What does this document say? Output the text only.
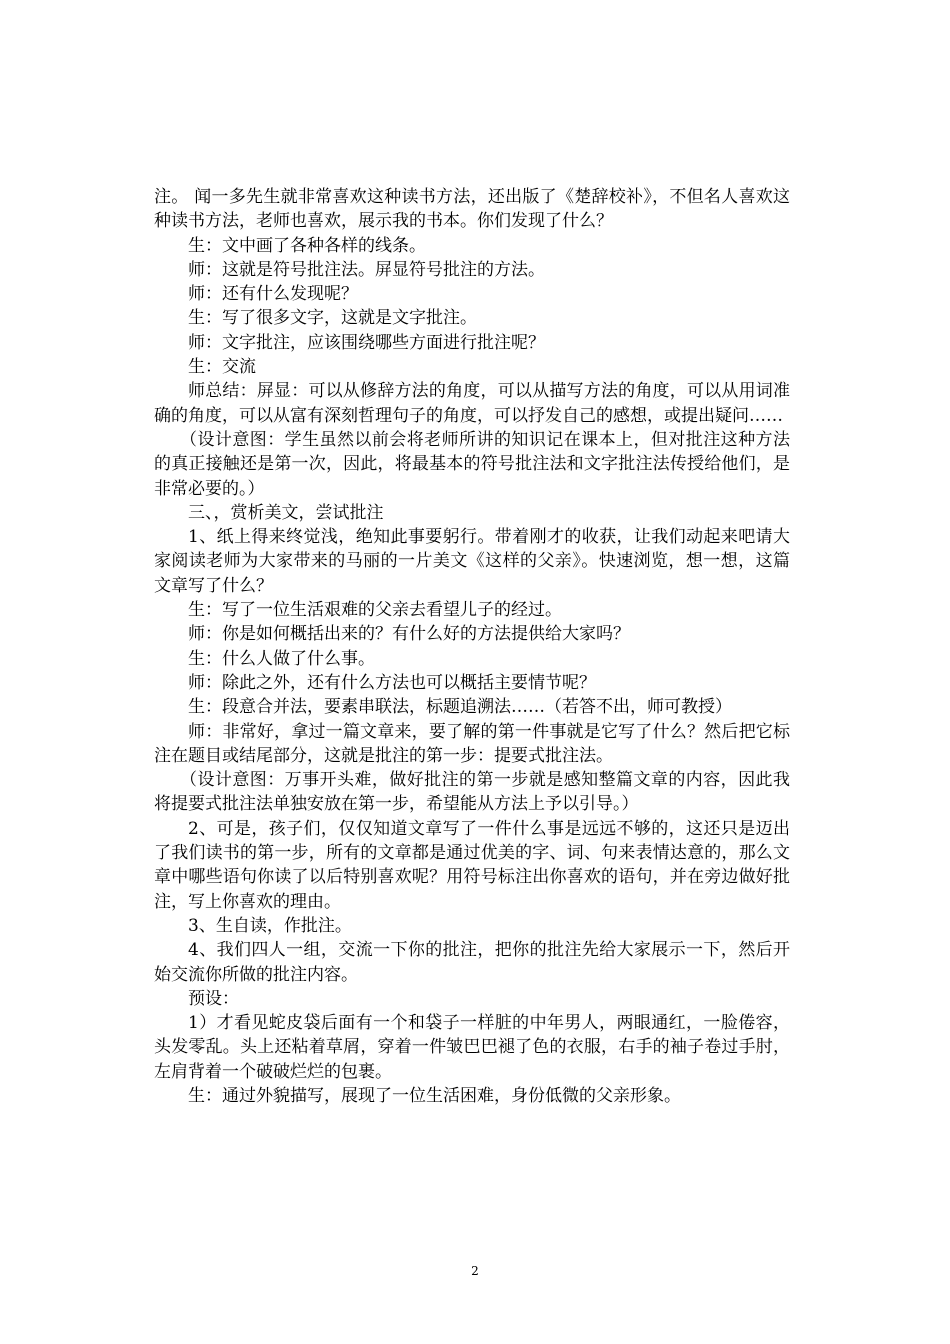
注。 闻一多先生就非常喜欢这种读书方法，还出版了《楚辞校补》，不但名人喜欢这种读书方法，老师也喜欢，展示我的书本。你们发现了什么？

生：文中画了各种各样的线条。

师：这就是符号批注法。屏显符号批注的方法。

师：还有什么发现呢？

生：写了很多文字，这就是文字批注。

师：文字批注，应该围绕哪些方面进行批注呢？

生：交流

师总结：屏显：可以从修辞方法的角度，可以从描写方法的角度，可以从用词准确的角度，可以从富有深刻哲理句子的角度，可以抒发自己的感想，或提出疑问……

（设计意图：学生虽然以前会将老师所讲的知识记在课本上，但对批注这种方法的真正接触还是第一次，因此，将最基本的符号批注法和文字批注法传授给他们，是非常必要的。）

三、，赏析美文，尝试批注

1、纸上得来终觉浅，绝知此事要躬行。带着刚才的收获，让我们动起来吧请大家阅读老师为大家带来的马丽的一片美文《这样的父亲》。快速浏览，想一想，这篇文章写了什么？

生：写了一位生活艰难的父亲去看望儿子的经过。

师：你是如何概括出来的？有什么好的方法提供给大家吗？

生：什么人做了什么事。

师：除此之外，还有什么方法也可以概括主要情节呢？

生：段意合并法，要素串联法，标题追溯法……（若答不出，师可教授）

师：非常好，拿过一篇文章来，要了解的第一件事就是它写了什么？然后把它标注在题目或结尾部分，这就是批注的第一步：提要式批注法。

（设计意图：万事开头难，做好批注的第一步就是感知整篇文章的内容，因此我将提要式批注法单独安放在第一步，希望能从方法上予以引导。）

2、可是，孩子们，仅仅知道文章写了一件什么事是远远不够的，这还只是迈出了我们读书的第一步，所有的文章都是通过优美的字、词、句来表情达意的，那么文章中哪些语句你读了以后特别喜欢呢？用符号标注出你喜欢的语句，并在旁边做好批注，写上你喜欢的理由。

3、生自读，作批注。

4、我们四人一组，交流一下你的批注，把你的批注先给大家展示一下，然后开始交流你所做的批注内容。

预设：

1）才看见蛇皮袋后面有一个和袋子一样脏的中年男人，两眼通红，一脸倦容，头发零乱。头上还粘着草屑，穿着一件皱巴巴褪了色的衣服，右手的袖子卷过手肘，左肩背着一个破破烂烂的包裹。

生：通过外貌描写，展现了一位生活困难，身份低微的父亲形象。

2
